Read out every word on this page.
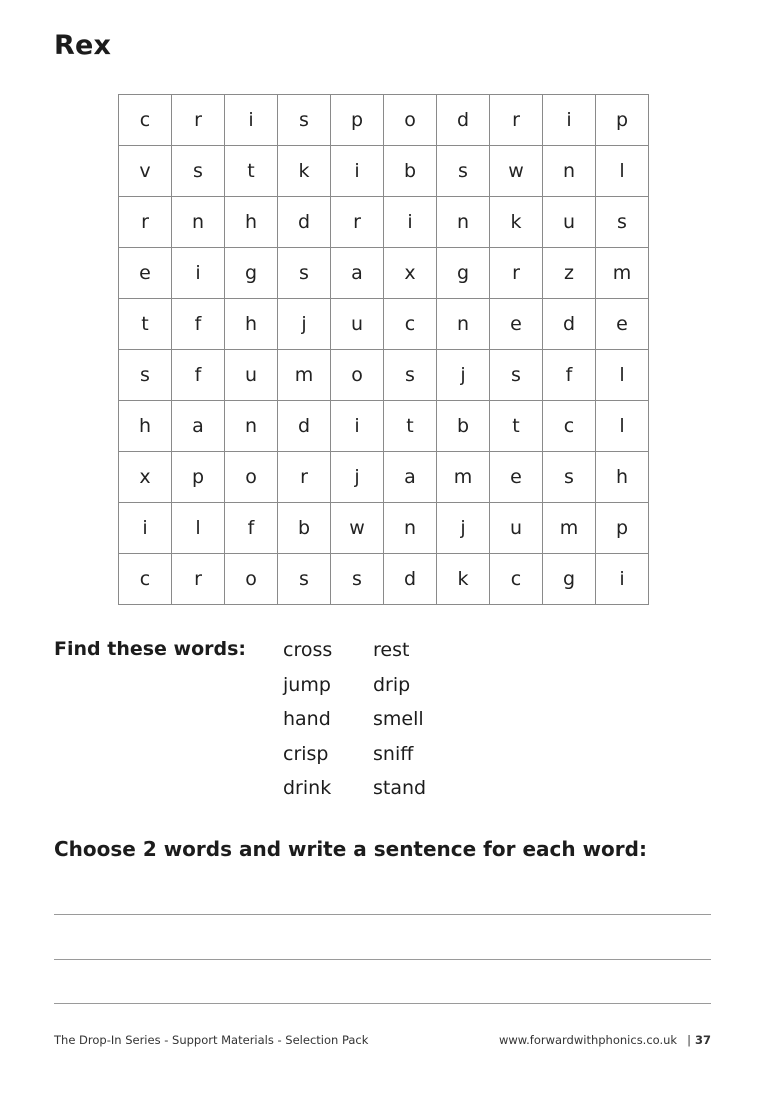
Rex
c	r	i	s	p	o	d	r	i	p
v	s	t	k	i	b	s	w	n	l
r	n	h	d	r	i	n	k	u	s
e	i	g	s	a	x	g	r	z	m
t	f	h	j	u	c	n	e	d	e
s	f	u	m	o	s	j	s	f	l
h	a	n	d	i	t	b	t	c	l
x	p	o	r	j	a	m	e	s	h
i	l	f	b	w	n	j	u	m	p
c	r	o	s	s	d	k	c	g	i
Find these words: cross	rest
jump	drip
hand	smell
crisp	sniff
drink	stand
Choose 2 words and write a sentence for each word:
The Drop-In Series - Support Materials - Selection Pack	www.forwardwithphonics.co.uk | 37
